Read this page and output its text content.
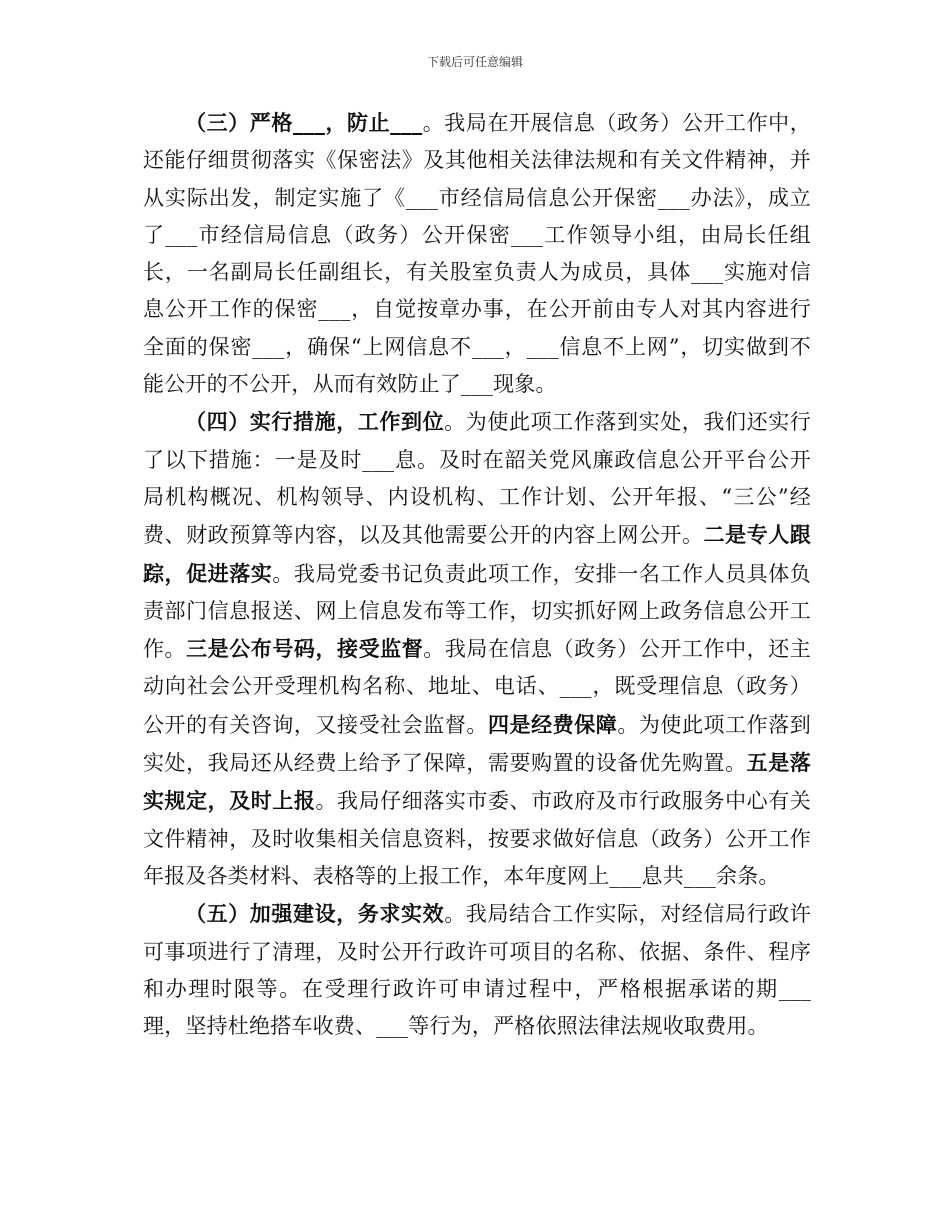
下载后可任意编辑

（三）严格___，防止___。我局在开展信息（政务）公开工作中，还能仔细贯彻落实《保密法》及其他相关法律法规和有关文件精神，并从实际出发，制定实施了《___市经信局信息公开保密___办法》，成立了___市经信局信息（政务）公开保密___工作领导小组，由局长任组长，一名副局长任副组长，有关股室负责人为成员，具体___实施对信息公开工作的保密___，自觉按章办事，在公开前由专人对其内容进行全面的保密___，确保“上网信息不___，___信息不上网”，切实做到不能公开的不公开，从而有效防止了___现象。

（四）实行措施，工作到位。为使此项工作落到实处，我们还实行了以下措施：一是及时___息。及时在韶关党风廉政信息公开平台公开局机构概况、机构领导、内设机构、工作计划、公开年报、“三公”经费、财政预算等内容，以及其他需要公开的内容上网公开。二是专人跟踪，促进落实。我局党委书记负责此项工作，安排一名工作人员具体负责部门信息报送、网上信息发布等工作，切实抓好网上政务信息公开工作。三是公布号码，接受监督。我局在信息（政务）公开工作中，还主动向社会公开受理机构名称、地址、电话、___，既受理信息（政务）公开的有关咨询，又接受社会监督。四是经费保障。为使此项工作落到实处，我局还从经费上给予了保障，需要购置的设备优先购置。五是落实规定，及时上报。我局仔细落实市委、市政府及市行政服务中心有关文件精神，及时收集相关信息资料，按要求做好信息（政务）公开工作年报及各类材料、表格等的上报工作，本年度网上___息共___余条。

（五）加强建设，务求实效。我局结合工作实际，对经信局行政许可事项进行了清理，及时公开行政许可项目的名称、依据、条件、程序和办理时限等。在受理行政许可申请过程中，严格根据承诺的期___理，坚持杜绝搭车收费、___等行为，严格依照法律法规收取费用。
